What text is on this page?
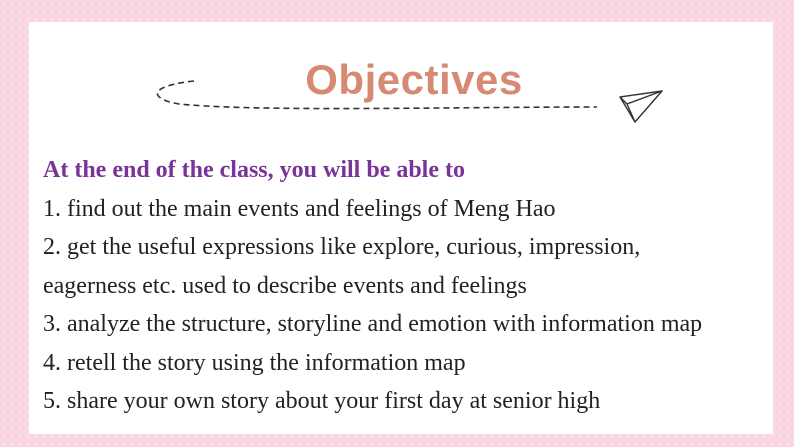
Objectives
At the end of the class, you will be able to
1. find out the main events and feelings of Meng Hao
2. get the useful expressions like explore, curious, impression,
eagerness etc. used to describe events and feelings
3. analyze the structure, storyline and emotion with information map
4. retell the story using the information map
5. share your own story about your first day at senior high
